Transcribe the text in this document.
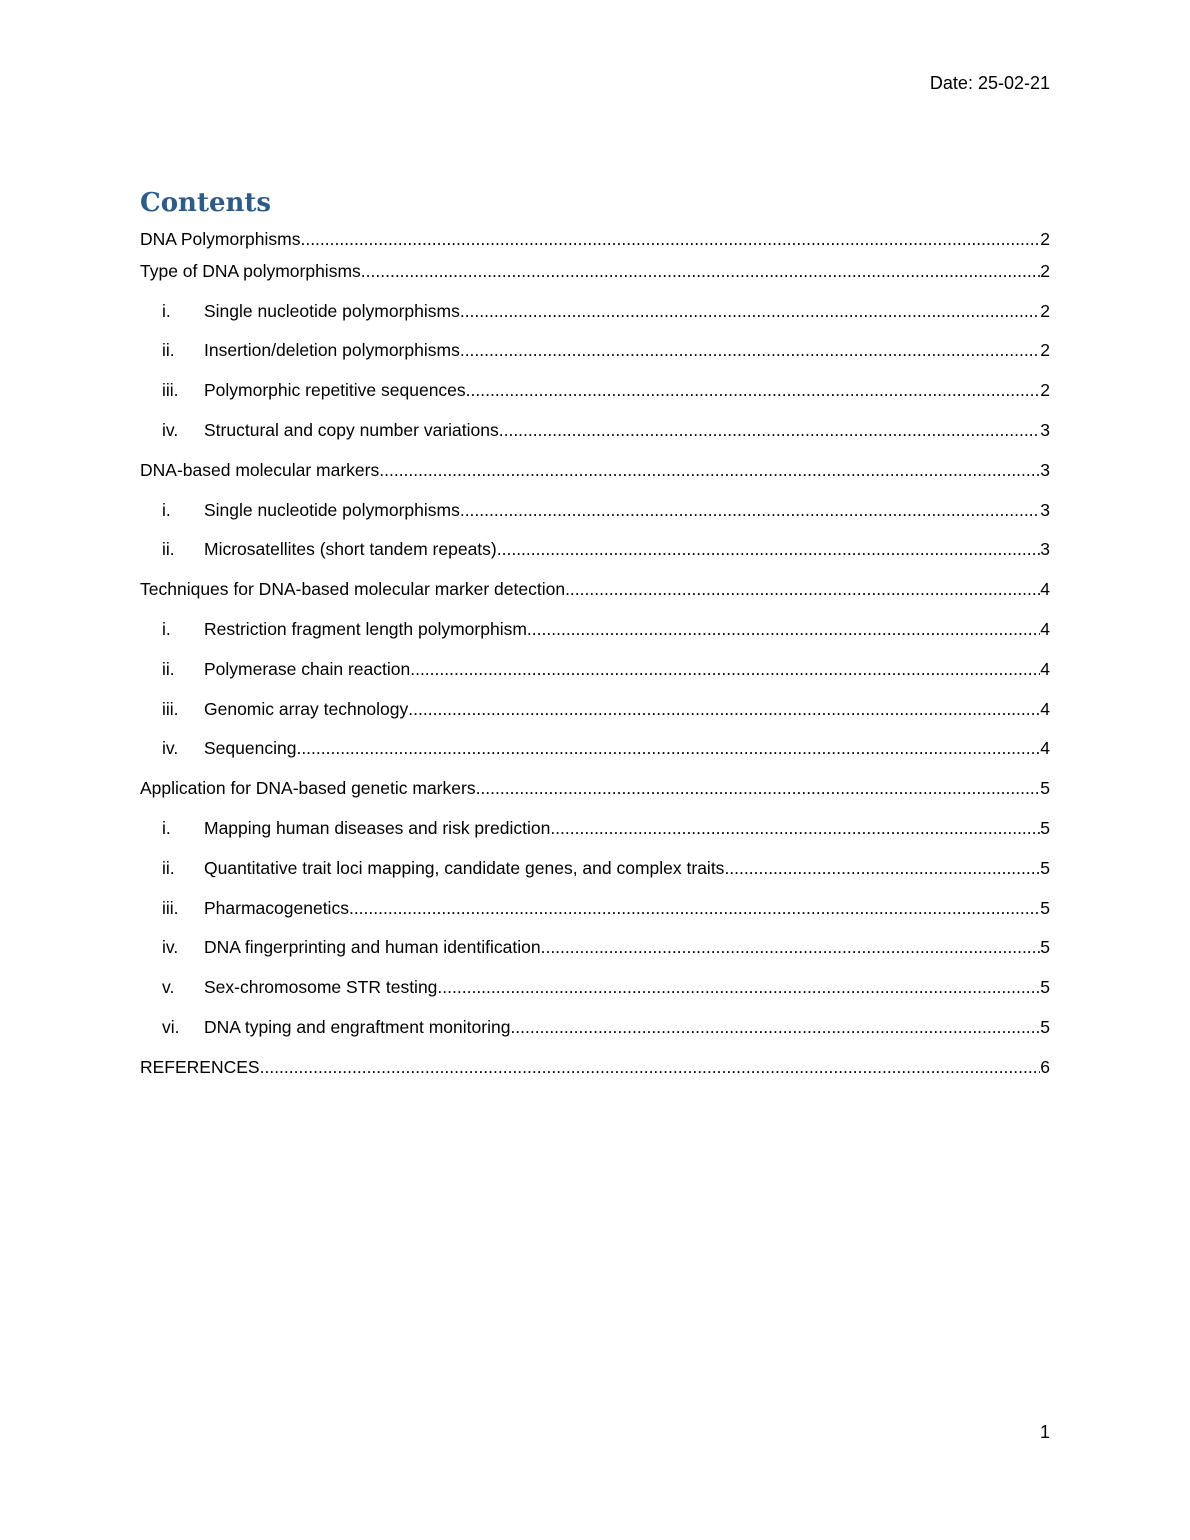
Date: 25-02-21
Contents
DNA Polymorphisms .....	2
Type of DNA polymorphisms .....	2
i.	Single nucleotide polymorphisms .....	2
ii.	Insertion/deletion polymorphisms .....	2
iii.	Polymorphic repetitive sequences .....	2
iv.	Structural and copy number variations .....	3
DNA-based molecular markers .....	3
i.	Single nucleotide polymorphisms .....	3
ii.	Microsatellites (short tandem repeats) .....	3
Techniques for DNA-based molecular marker detection .....	4
i.	Restriction fragment length polymorphism .....	4
ii.	Polymerase chain reaction .....	4
iii.	Genomic array technology .....	4
iv.	Sequencing .....	4
Application for DNA-based genetic markers .....	5
i.	Mapping human diseases and risk prediction .....	5
ii.	Quantitative trait loci mapping, candidate genes, and complex traits .....	5
iii.	Pharmacogenetics .....	5
iv.	DNA fingerprinting and human identification .....	5
v.	Sex-chromosome STR testing .....	5
vi.	DNA typing and engraftment monitoring .....	5
REFERENCES .....	6
1
